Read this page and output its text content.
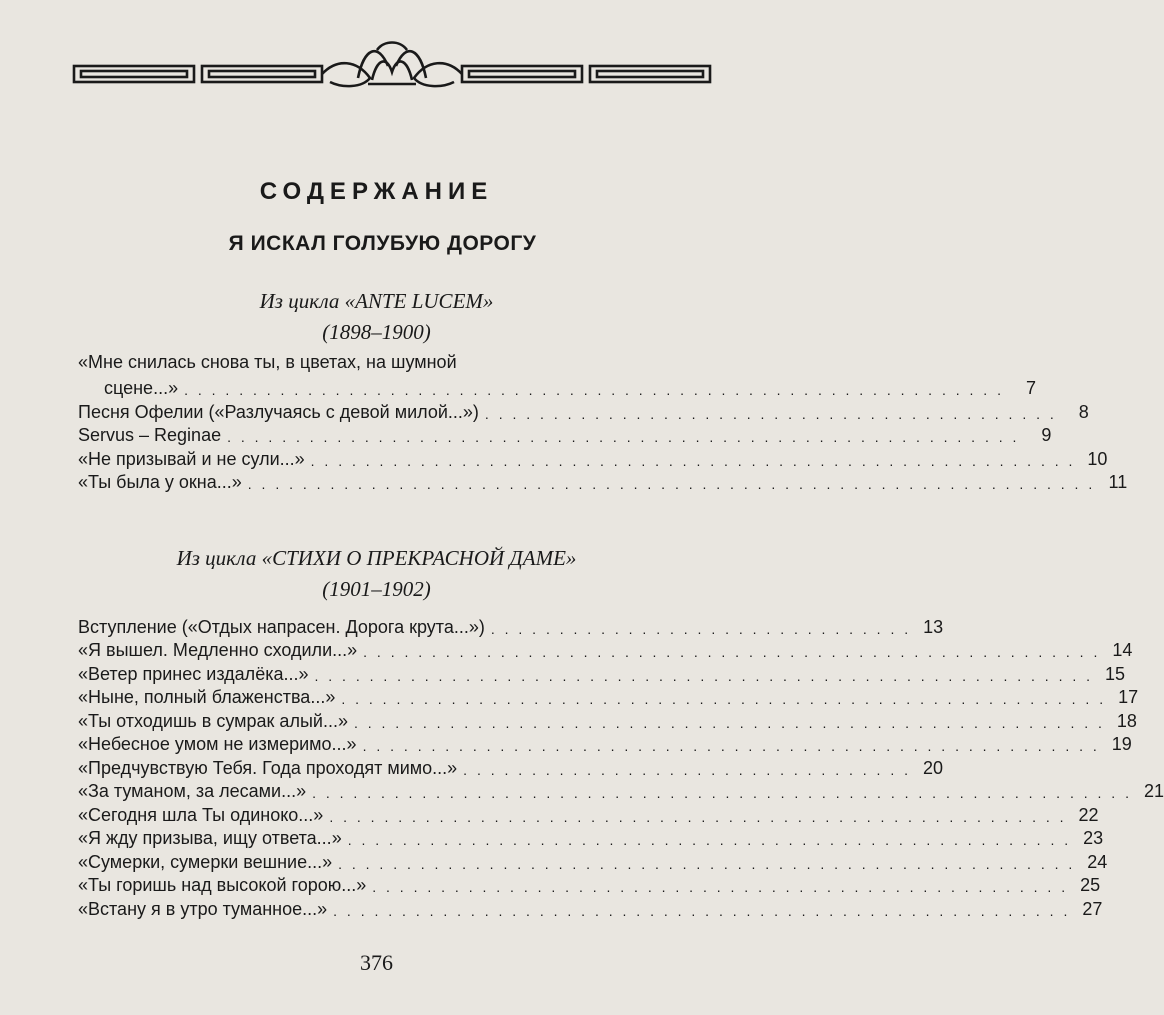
СОДЕРЖАНИЕ
Я ИСКАЛ ГОЛУБУЮ ДОРОГУ
Из цикла «ANTE LUCEM»
(1898–1900)
«Мне снилась снова ты, в цветах, на шумной
сцене...» . . . . . . . . . . . . . . . . . . . . . . . . . . . . . . . . . . . . . . . . . . . . . . . . . . . . . . . . . . . .	7
Песня Офелии («Разлучаясь с девой милой...») . . . . . . . . . . . . . . . . . . . . . . . . . . . . . . . . . . . . . . . . . .	8
Servus – Reginae . . . . . . . . . . . . . . . . . . . . . . . . . . . . . . . . . . . . . . . . . . . . . . . . . . . . . . . . . .	9
«Не призывай и не сули...» . . . . . . . . . . . . . . . . . . . . . . . . . . . . . . . . . . . . . . . . . . . . . . . . . . . . . . . . 10
«Ты была у окна...» . . . . . . . . . . . . . . . . . . . . . . . . . . . . . . . . . . . . . . . . . . . . . . . . . . . . . . . . . . . . . . 11
Из цикла «СТИХИ О ПРЕКРАСНОЙ ДАМЕ»
(1901–1902)
Вступление («Отдых напрасен. Дорога крута...») . . . . . . . . . . . . . . . . . . . . . . . . . . . . . . . 13
«Я вышел. Медленно сходили...» . . . . . . . . . . . . . . . . . . . . . . . . . . . . . . . . . . . . . . . . . . . . . . . . . . . . . . 14
«Ветер принес издалёка...» . . . . . . . . . . . . . . . . . . . . . . . . . . . . . . . . . . . . . . . . . . . . . . . . . . . . . . . . . 15
«Ныне, полный блаженства...» . . . . . . . . . . . . . . . . . . . . . . . . . . . . . . . . . . . . . . . . . . . . . . . . . . . . . . . . 17
«Ты отходишь в сумрак алый...» . . . . . . . . . . . . . . . . . . . . . . . . . . . . . . . . . . . . . . . . . . . . . . . . . . . . . . . 18
«Небесное умом не измеримо...» . . . . . . . . . . . . . . . . . . . . . . . . . . . . . . . . . . . . . . . . . . . . . . . . . . . . . . 19
«Предчувствую Тебя. Года проходят мимо...» . . . . . . . . . . . . . . . . . . . . . . . . . . . . . . . . . 20
«За туманом, за лесами...» . . . . . . . . . . . . . . . . . . . . . . . . . . . . . . . . . . . . . . . . . . . . . . . . . . . . . . . . . . . . 21
«Сегодня шла Ты одиноко...» . . . . . . . . . . . . . . . . . . . . . . . . . . . . . . . . . . . . . . . . . . . . . . . . . . . . . . 22
«Я жду призыва, ищу ответа...» . . . . . . . . . . . . . . . . . . . . . . . . . . . . . . . . . . . . . . . . . . . . . . . . . . . . . 23
«Сумерки, сумерки вешние...» . . . . . . . . . . . . . . . . . . . . . . . . . . . . . . . . . . . . . . . . . . . . . . . . . . . . . . 24
«Ты горишь над высокой горою...» . . . . . . . . . . . . . . . . . . . . . . . . . . . . . . . . . . . . . . . . . . . . . . . . . . . 25
«Встану я в утро туманное...» . . . . . . . . . . . . . . . . . . . . . . . . . . . . . . . . . . . . . . . . . . . . . . . . . . . . . . 27
376
